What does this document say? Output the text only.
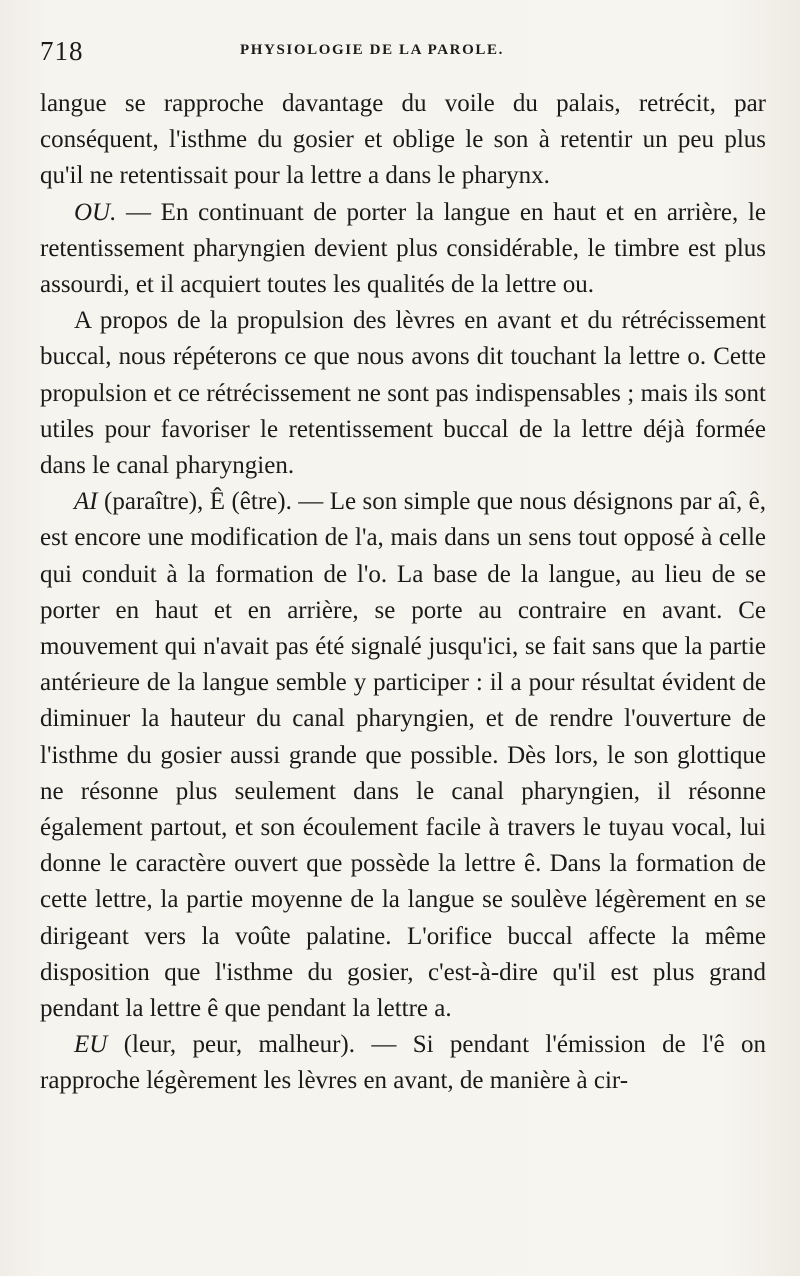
718	PHYSIOLOGIE DE LA PAROLE.

langue se rapproche davantage du voile du palais, retrécit, par conséquent, l'isthme du gosier et oblige le son à retentir un peu plus qu'il ne retentissait pour la lettre a dans le pharynx.

OU. — En continuant de porter la langue en haut et en arrière, le retentissement pharyngien devient plus considérable, le timbre est plus assourdi, et il acquiert toutes les qualités de la lettre ou.

A propos de la propulsion des lèvres en avant et du rétrécissement buccal, nous répéterons ce que nous avons dit touchant la lettre o. Cette propulsion et ce rétrécissement ne sont pas indispensables ; mais ils sont utiles pour favoriser le retentissement buccal de la lettre déjà formée dans le canal pharyngien.

AI (paraître), Ê (être). — Le son simple que nous désignons par aî, ê, est encore une modification de l'a, mais dans un sens tout opposé à celle qui conduit à la formation de l'o. La base de la langue, au lieu de se porter en haut et en arrière, se porte au contraire en avant. Ce mouvement qui n'avait pas été signalé jusqu'ici, se fait sans que la partie antérieure de la langue semble y participer : il a pour résultat évident de diminuer la hauteur du canal pharyngien, et de rendre l'ouverture de l'isthme du gosier aussi grande que possible. Dès lors, le son glottique ne résonne plus seulement dans le canal pharyngien, il résonne également partout, et son écoulement facile à travers le tuyau vocal, lui donne le caractère ouvert que possède la lettre ê. Dans la formation de cette lettre, la partie moyenne de la langue se soulève légèrement en se dirigeant vers la voûte palatine. L'orifice buccal affecte la même disposition que l'isthme du gosier, c'est-à-dire qu'il est plus grand pendant la lettre ê que pendant la lettre a.

EU (leur, peur, malheur). — Si pendant l'émission de l'ê on rapproche légèrement les lèvres en avant, de manière à cir-
